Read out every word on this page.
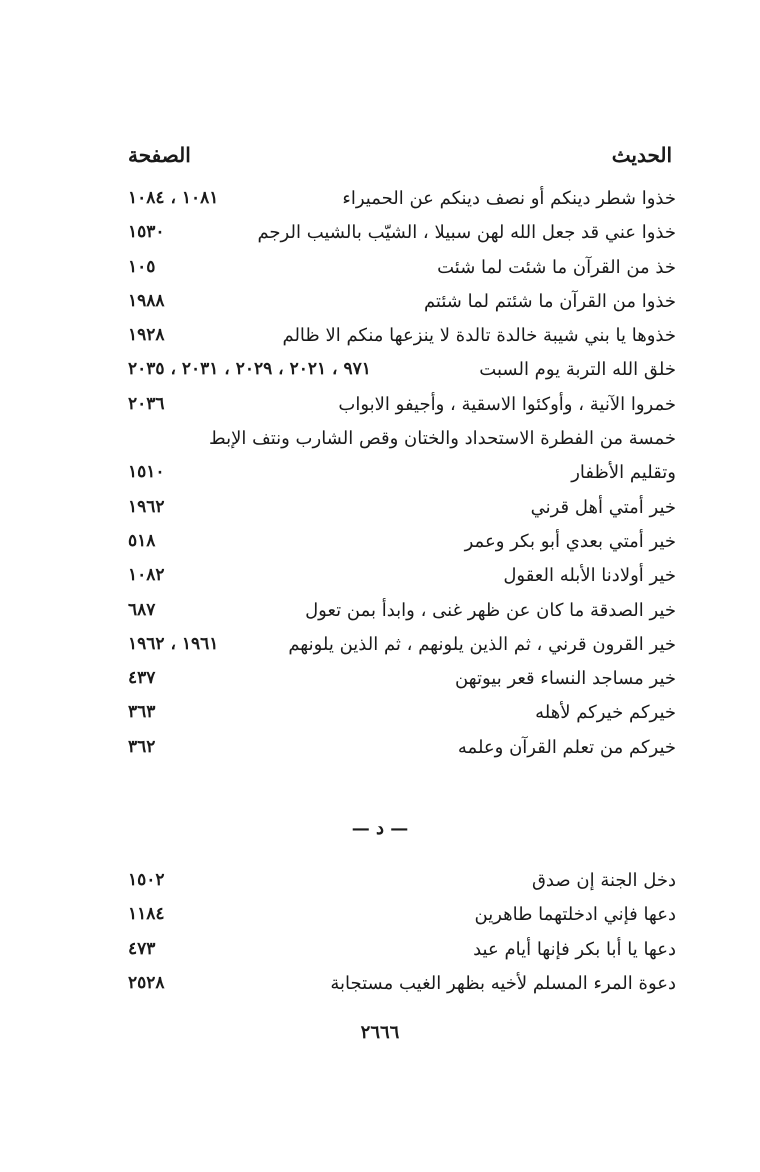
الحديث
الصفحة
خذوا شطر دينكم أو نصف دينكم عن الحميراء
١٠٨١ ، ١٠٨٤
خذوا عني قد جعل الله لهن سبيلا ، الشيّب بالشيب الرجم
١٥٣٠
خذ من القرآن ما شئت لما شئت
١٠٥
خذوا من القرآن ما شئتم لما شئتم
١٩٨٨
خذوها يا بني شيبة خالدة تالدة لا ينزعها منكم الا ظالم
١٩٢٨
خلق الله التربة يوم السبت
٩٧١ ، ٢٠٢١ ، ٢٠٢٩ ، ٢٠٣١ ، ٢٠٣٥
خمروا الآنية ، وأوكئوا الاسقية ، وأجيفو الابواب
٢٠٣٦
خمسة من الفطرة الاستحداد والختان وقص الشارب ونتف الإبط
وتقليم الأظفار
١٥١٠
خير أمتي أهل قرني
١٩٦٢
خير أمتي بعدي أبو بكر وعمر
٥١٨
خير أولادنا الأبله العقول
١٠٨٢
خير الصدقة ما كان عن ظهر غنى ، وابدأ بمن تعول
٦٨٧
خير القرون قرني ، ثم الذين يلونهم ، ثم الذين يلونهم
١٩٦١ ، ١٩٦٢
خير مساجد النساء قعر بيوتهن
٤٣٧
خيركم خيركم لأهله
٣٦٣
خيركم من تعلم القرآن وعلمه
٣٦٢
— د —
دخل الجنة إن صدق
١٥٠٢
دعها فإني ادخلتهما طاهرين
١١٨٤
دعها يا أبا بكر فإنها أيام عيد
٤٧٣
دعوة المرء المسلم لأخيه بظهر الغيب مستجابة
٢٥٢٨
٢٦٦٦
